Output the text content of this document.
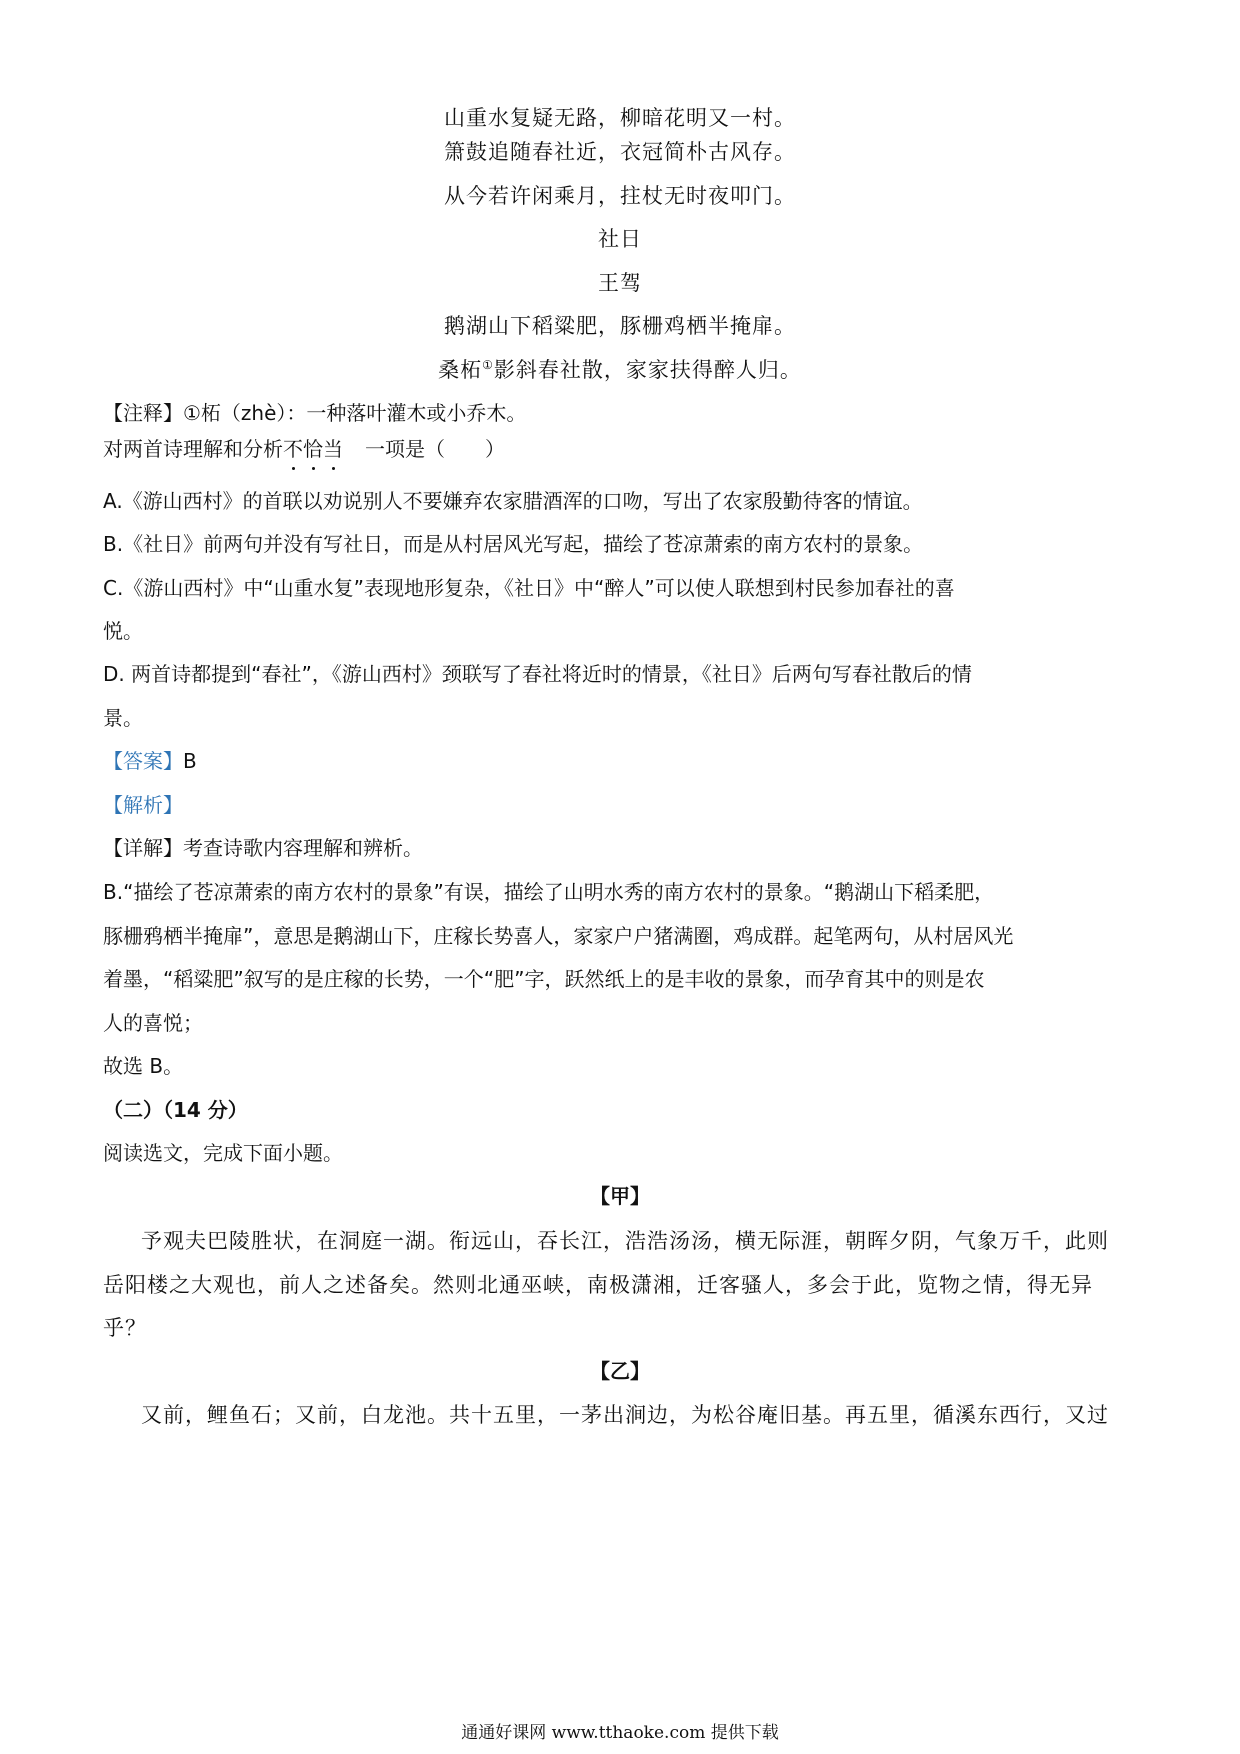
山重水复疑无路，柳暗花明又一村。
箫鼓追随春社近，衣冠简朴古风存。
从今若许闲乘月，拄杖无时夜叩门。
社日
王驾
鹅湖山下稻粱肥，豚栅鸡栖半掩扉。
桑柘①影斜春社散，家家扶得醉人归。
【注释】①柘（zhè）：一种落叶灌木或小乔木。
对两首诗理解和分析不恰当 一项是（　　）
A.《游山西村》的首联以劝说别人不要嫌弃农家腊酒浑的口吻，写出了农家殷勤待客的情谊。
B.《社日》前两句并没有写社日，而是从村居风光写起，描绘了苍凉萧索的南方农村的景象。
C.《游山西村》中“山重水复”表现地形复杂，《社日》中“醉人”可以使人联想到村民参加春社的喜
悦。
D. 两首诗都提到“春社”，《游山西村》颈联写了春社将近时的情景，《社日》后两句写春社散后的情
景。
【答案】B
【解析】
【详解】考查诗歌内容理解和辨析。
B.“描绘了苍凉萧索的南方农村的景象”有误，描绘了山明水秀的南方农村的景象。“鹅湖山下稻柔肥，
豚栅鸦栖半掩扉”，意思是鹅湖山下，庄稼长势喜人，家家户户猪满圈，鸡成群。起笔两句，从村居风光
着墨，“稻粱肥”叙写的是庄稼的长势，一个“肥”字，跃然纸上的是丰收的景象，而孕育其中的则是农
人的喜悦；
故选 B。
（二）（14 分）
阅读选文，完成下面小题。
【甲】
予观夫巴陵胜状，在洞庭一湖。衔远山，吞长江，浩浩汤汤，横无际涯，朝晖夕阴，气象万千，此则
岳阳楼之大观也，前人之述备矣。然则北通巫峡，南极潇湘，迁客骚人，多会于此，览物之情，得无异
乎？
【乙】
又前，鲤鱼石；又前，白龙池。共十五里，一茅出涧边，为松谷庵旧基。再五里，循溪东西行，又过
通通好课网 www.tthaoke.com 提供下载
